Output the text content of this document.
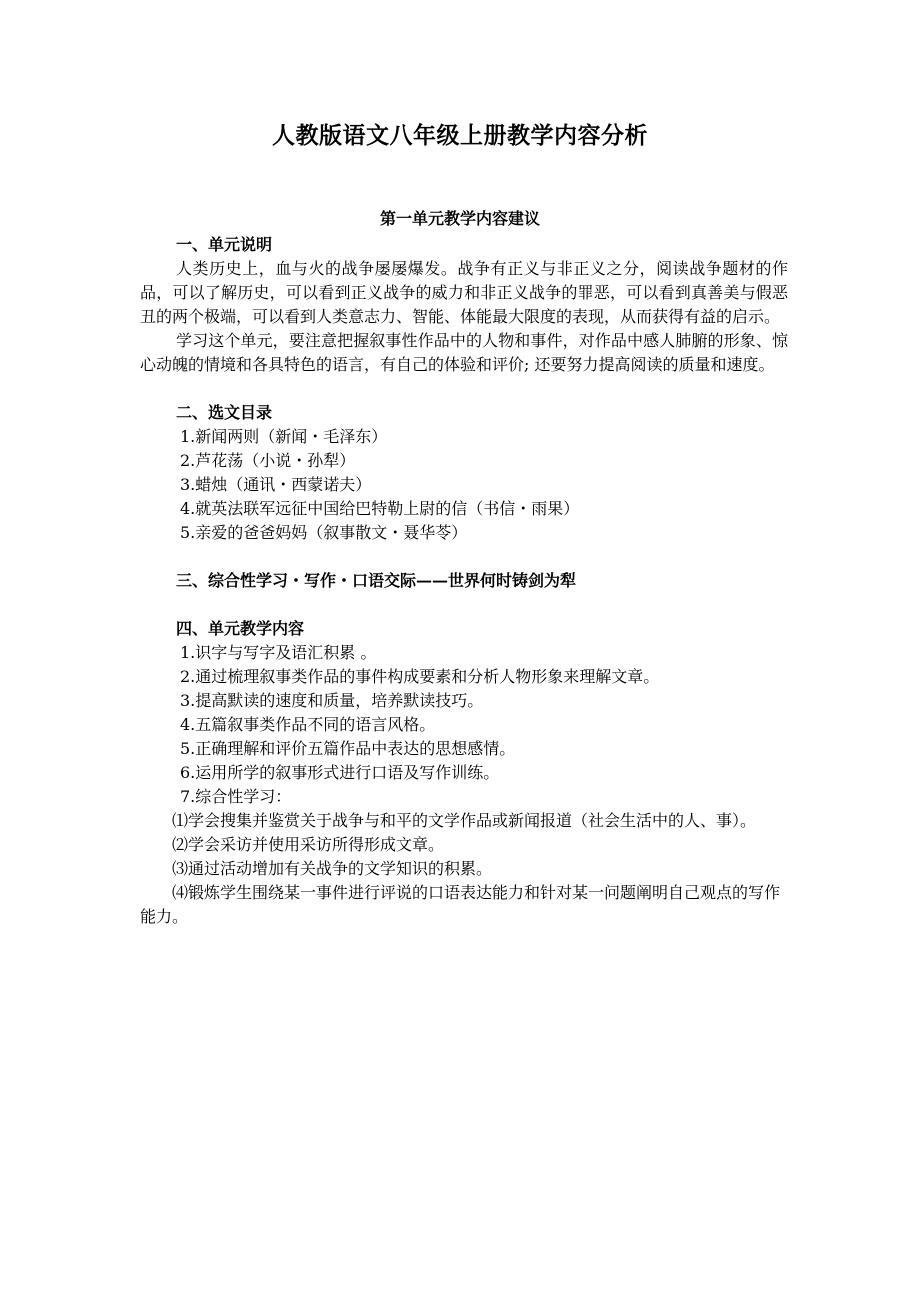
人教版语文八年级上册教学内容分析
第一单元教学内容建议

一、单元说明

人类历史上，血与火的战争屡屡爆发。战争有正义与非正义之分，阅读战争题材的作品，可以了解历史，可以看到正义战争的威力和非正义战争的罪恶，可以看到真善美与假恶丑的两个极端，可以看到人类意志力、智能、体能最大限度的表现，从而获得有益的启示。

学习这个单元，要注意把握叙事性作品中的人物和事件，对作品中感人肺腑的形象、惊心动魄的情境和各具特色的语言，有自己的体验和评价; 还要努力提高阅读的质量和速度。

二、选文目录

1.新闻两则（新闻・毛泽东）

2.芦花荡（小说・孙犁）

3.蜡烛（通讯・西蒙诺夫）

4.就英法联军远征中国给巴特勒上尉的信（书信・雨果）

5.亲爱的爸爸妈妈（叙事散文・聂华苓）

三、综合性学习・写作・口语交际——世界何时铸剑为犁

四、单元教学内容

1.识字与写字及语汇积累 。

2.通过梳理叙事类作品的事件构成要素和分析人物形象来理解文章。

3.提高默读的速度和质量，培养默读技巧。

4.五篇叙事类作品不同的语言风格。

5.正确理解和评价五篇作品中表达的思想感情。

6.运用所学的叙事形式进行口语及写作训练。

7.综合性学习：

⑴学会搜集并鉴赏关于战争与和平的文学作品或新闻报道（社会生活中的人、事）。

⑵学会采访并使用采访所得形成文章。

⑶通过活动增加有关战争的文学知识的积累。

⑷锻炼学生围绕某一事件进行评说的口语表达能力和针对某一问题阐明自己观点的写作能力。
